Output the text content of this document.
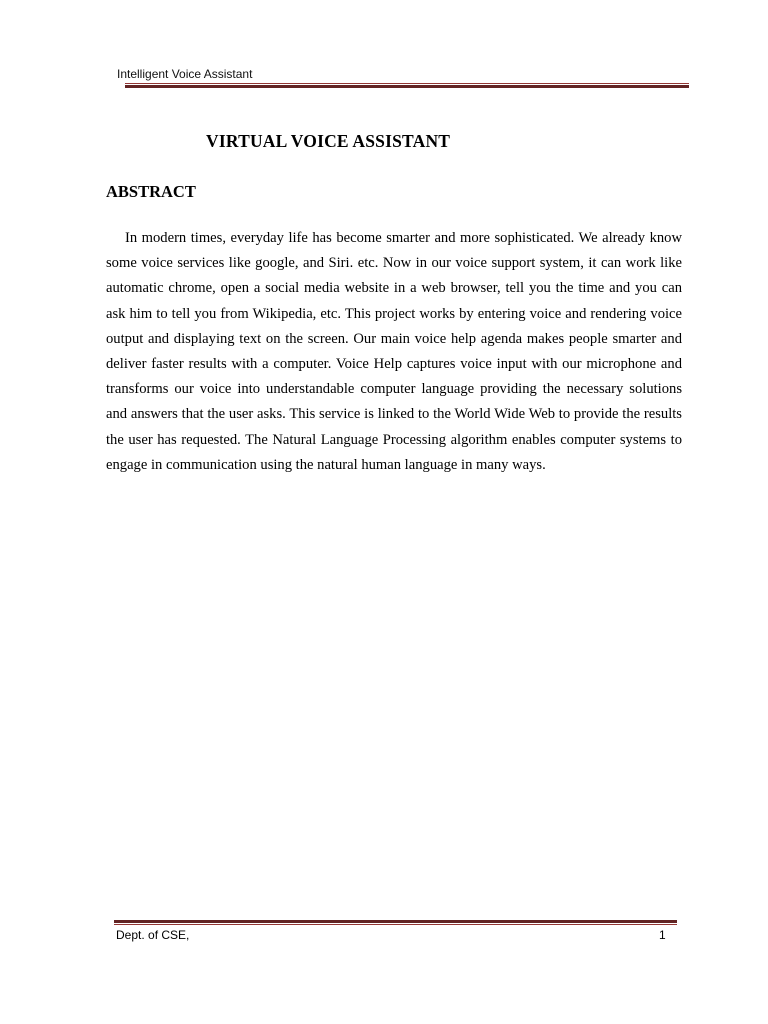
Intelligent Voice Assistant
VIRTUAL VOICE ASSISTANT
ABSTRACT

In modern times, everyday life has become smarter and more sophisticated. We already know some voice services like google, and Siri. etc. Now in our voice support system, it can work like automatic chrome, open a social media website in a web browser, tell you the time and you can ask him to tell you from Wikipedia, etc. This project works by entering voice and rendering voice output and displaying text on the screen. Our main voice help agenda makes people smarter and deliver faster results with a computer. Voice Help captures voice input with our microphone and transforms our voice into understandable computer language providing the necessary solutions and answers that the user asks. This service is linked to the World Wide Web to provide the results the user has requested. The Natural Language Processing algorithm enables computer systems to engage in communication using the natural human language in many ways.

Dept. of CSE,	1
